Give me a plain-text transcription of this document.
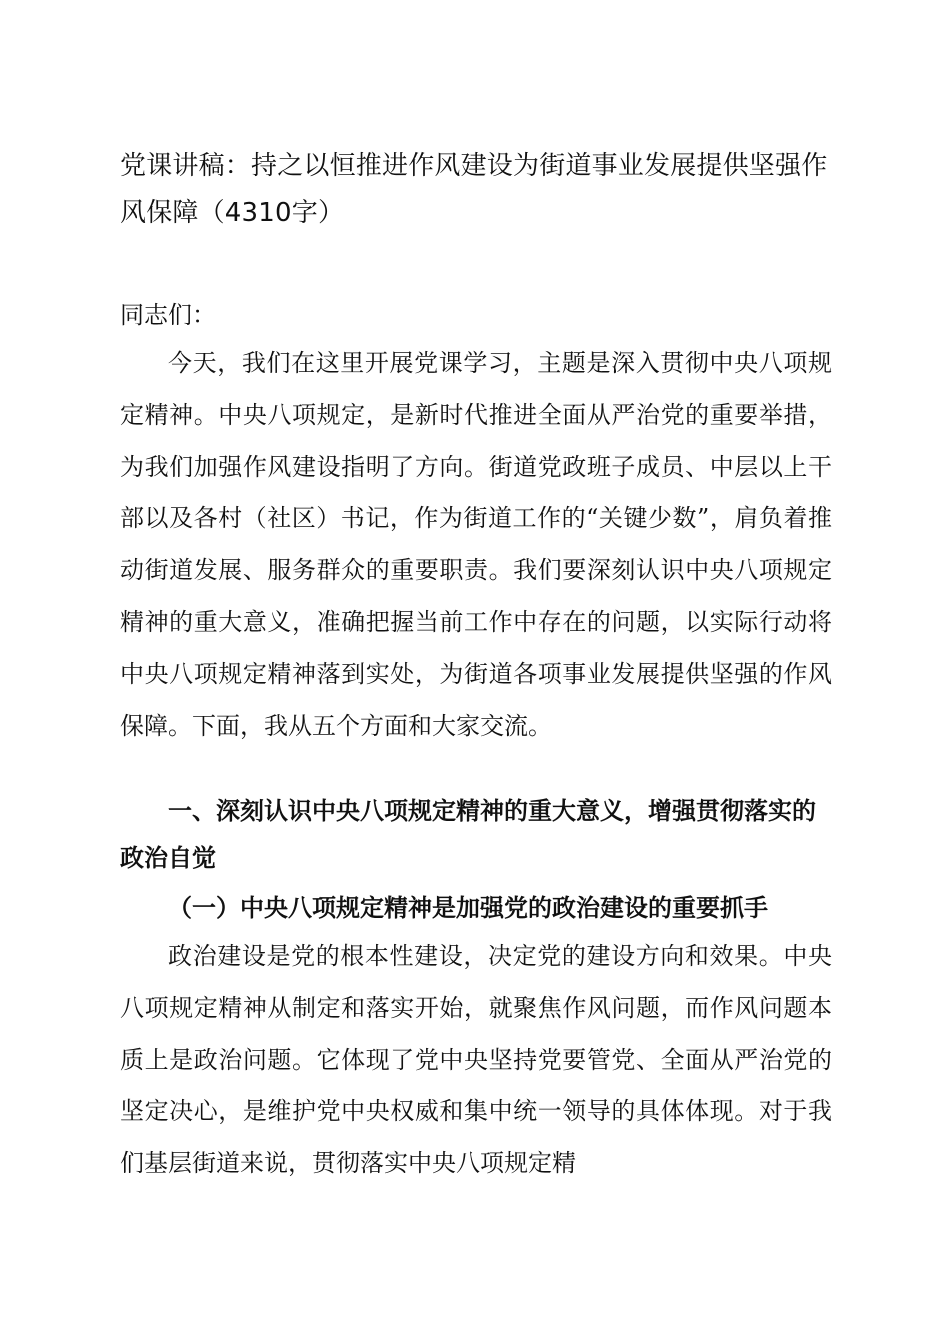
党课讲稿：持之以恒推进作风建设为街道事业发展提供坚强作风保障（4310字）
同志们：

今天，我们在这里开展党课学习，主题是深入贯彻中央八项规定精神。中央八项规定，是新时代推进全面从严治党的重要举措，为我们加强作风建设指明了方向。街道党政班子成员、中层以上干部以及各村（社区）书记，作为街道工作的“关键少数”，肩负着推动街道发展、服务群众的重要职责。我们要深刻认识中央八项规定精神的重大意义，准确把握当前工作中存在的问题，以实际行动将中央八项规定精神落到实处，为街道各项事业发展提供坚强的作风保障。下面，我从五个方面和大家交流。

一、深刻认识中央八项规定精神的重大意义，增强贯彻落实的政治自觉

（一）中央八项规定精神是加强党的政治建设的重要抓手

政治建设是党的根本性建设，决定党的建设方向和效果。中央八项规定精神从制定和落实开始，就聚焦作风问题，而作风问题本质上是政治问题。它体现了党中央坚持党要管党、全面从严治党的坚定决心，是维护党中央权威和集中统一领导的具体体现。对于我们基层街道来说，贯彻落实中央八项规定精
